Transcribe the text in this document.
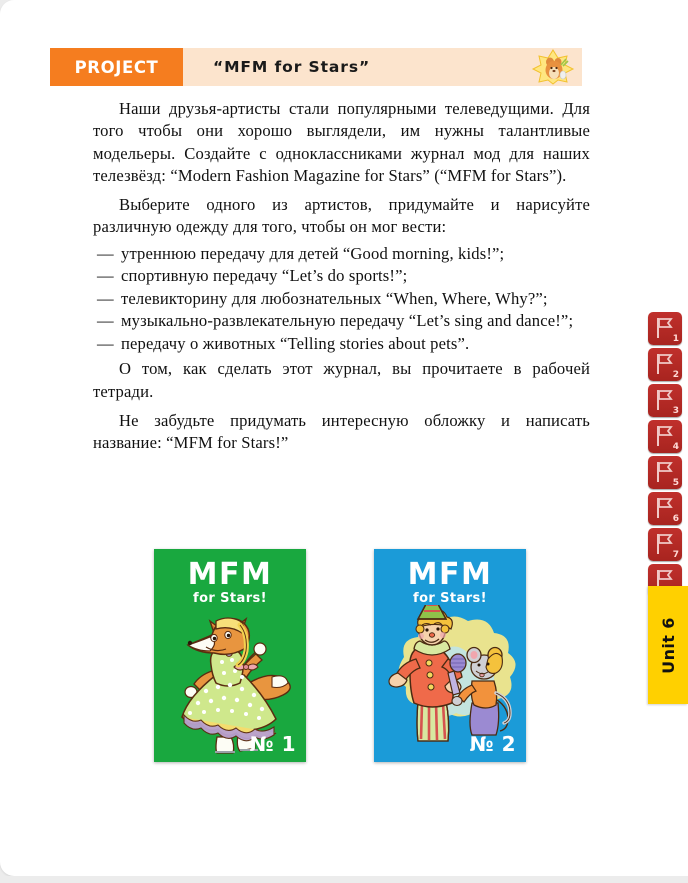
PROJECT	“MFM for Stars”

Наши друзья-артисты стали популярными телеведущими. Для того чтобы они хорошо выглядели, им нужны талантливые модельеры. Создайте с одноклассниками журнал мод для наших телезвёзд: “Modern Fashion Magazine for Stars” (“MFM for Stars”).

Выберите одного из артистов, придумайте и нарисуйте различную одежду для того, чтобы он мог вести:

— утреннюю передачу для детей “Good morning, kids!”;
— спортивную передачу “Let’s do sports!”;
— телевикторину для любознательных “When, Where, Why?”;
— музыкально-развлекательную передачу “Let’s sing and dance!”;
— передачу о животных “Telling stories about pets”.

О том, как сделать этот журнал, вы прочитаете в рабочей тетради.

Не забудьте придумать интересную обложку и написать название: “MFM for Stars!”

MFM
for Stars!
№ 1
MFM
for Stars!
№ 2
1
2
3
4
5
6
7
Unit 6
